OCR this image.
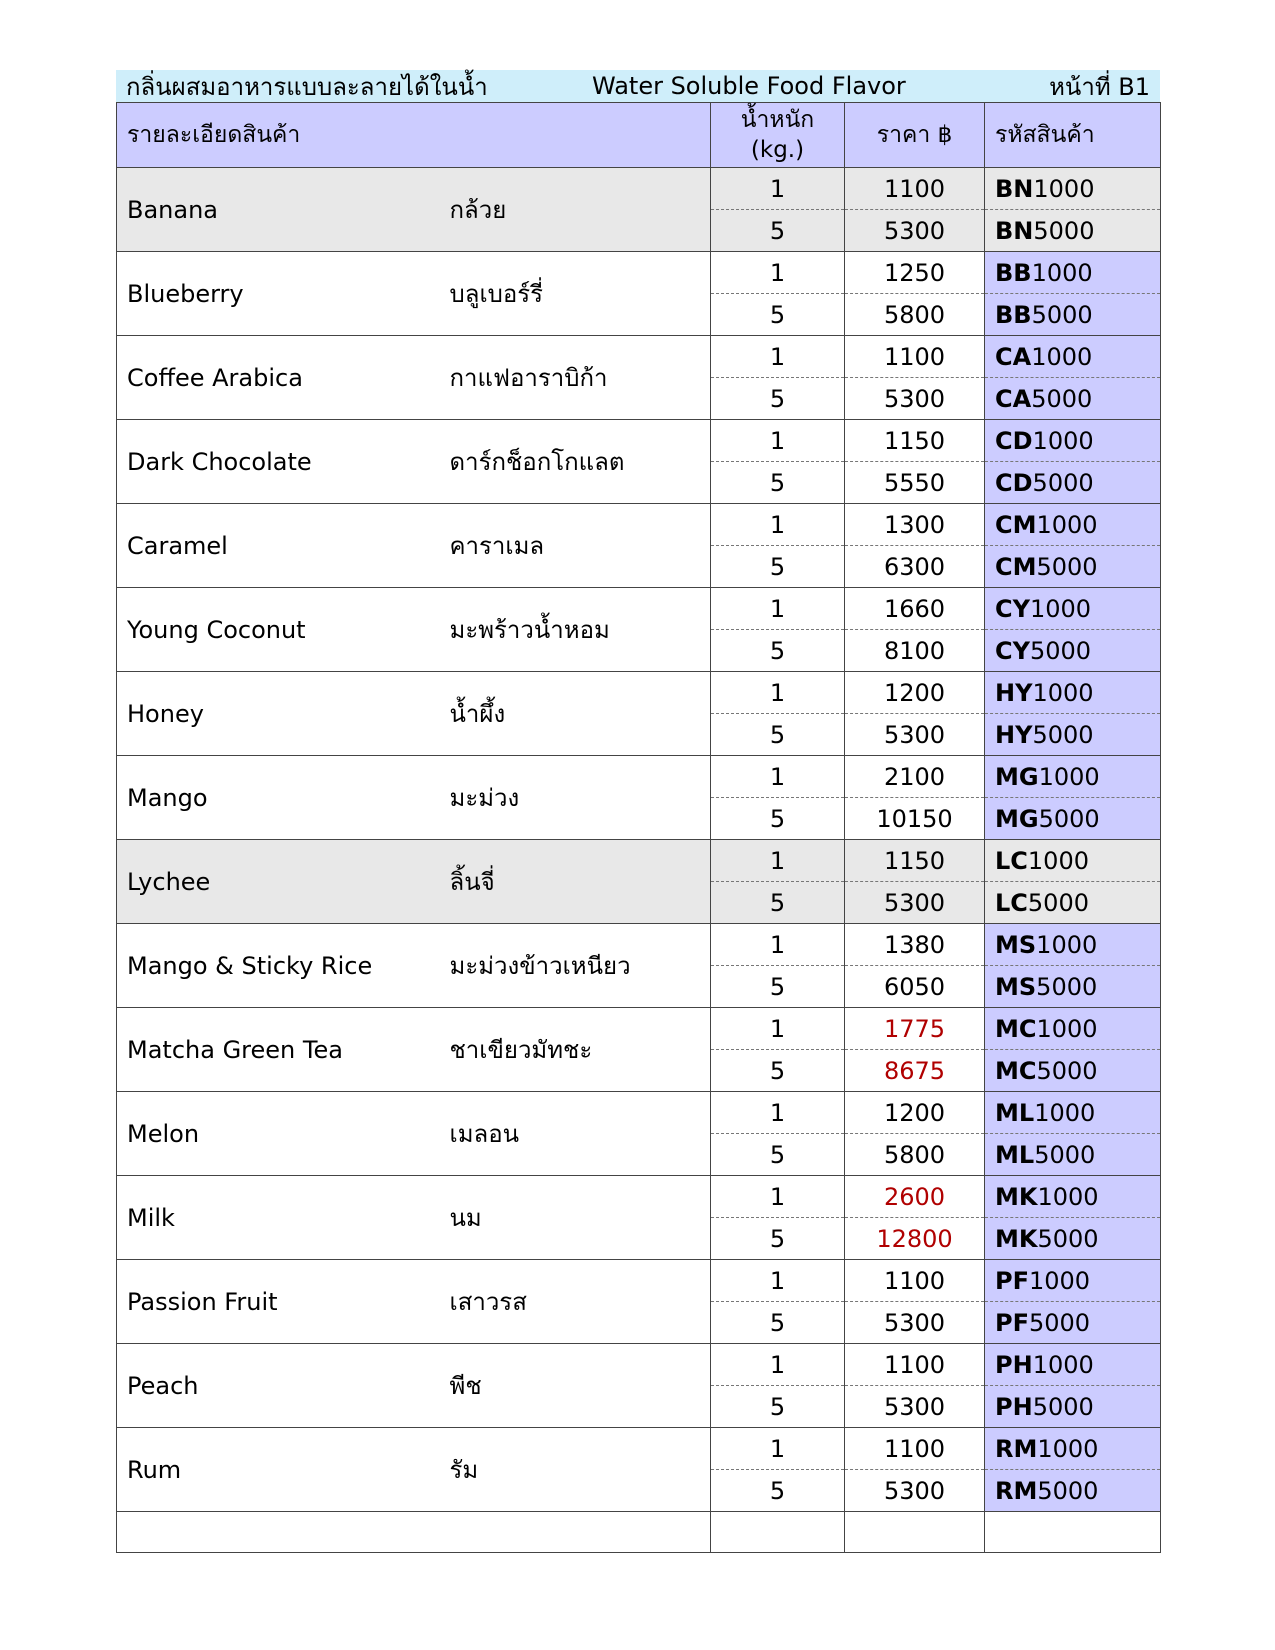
กลิ่นผสมอาหารแบบละลายได้ในน้ำ	Water Soluble Food Flavor	หน้าที่ B1
รายละเอียดสินค้า		น้ำหนัก
(kg.)	ราคา ฿	รหัสสินค้า
Banana	กล้วย	1	1100	BN1000
		5	5300	BN5000
Blueberry	บลูเบอร์รี่	1	1250	BB1000
		5	5800	BB5000
Coffee Arabica	กาแฟอาราบิก้า	1	1100	CA1000
		5	5300	CA5000
Dark Chocolate	ดาร์กช็อกโกแลต	1	1150	CD1000
		5	5550	CD5000
Caramel	คาราเมล	1	1300	CM1000
		5	6300	CM5000
Young Coconut	มะพร้าวน้ำหอม	1	1660	CY1000
		5	8100	CY5000
Honey	น้ำผึ้ง	1	1200	HY1000
		5	5300	HY5000
Mango	มะม่วง	1	2100	MG1000
		5	10150	MG5000
Lychee	ลิ้นจี่	1	1150	LC1000
		5	5300	LC5000
Mango & Sticky Rice	มะม่วงข้าวเหนียว	1	1380	MS1000
		5	6050	MS5000
Matcha Green Tea	ชาเขียวมัทชะ	1	1775	MC1000
		5	8675	MC5000
Melon	เมลอน	1	1200	ML1000
		5	5800	ML5000
Milk	นม	1	2600	MK1000
		5	12800	MK5000
Passion Fruit	เสาวรส	1	1100	PF1000
		5	5300	PF5000
Peach	พีช	1	1100	PH1000
		5	5300	PH5000
Rum	รัม	1	1100	RM1000
		5	5300	RM5000
